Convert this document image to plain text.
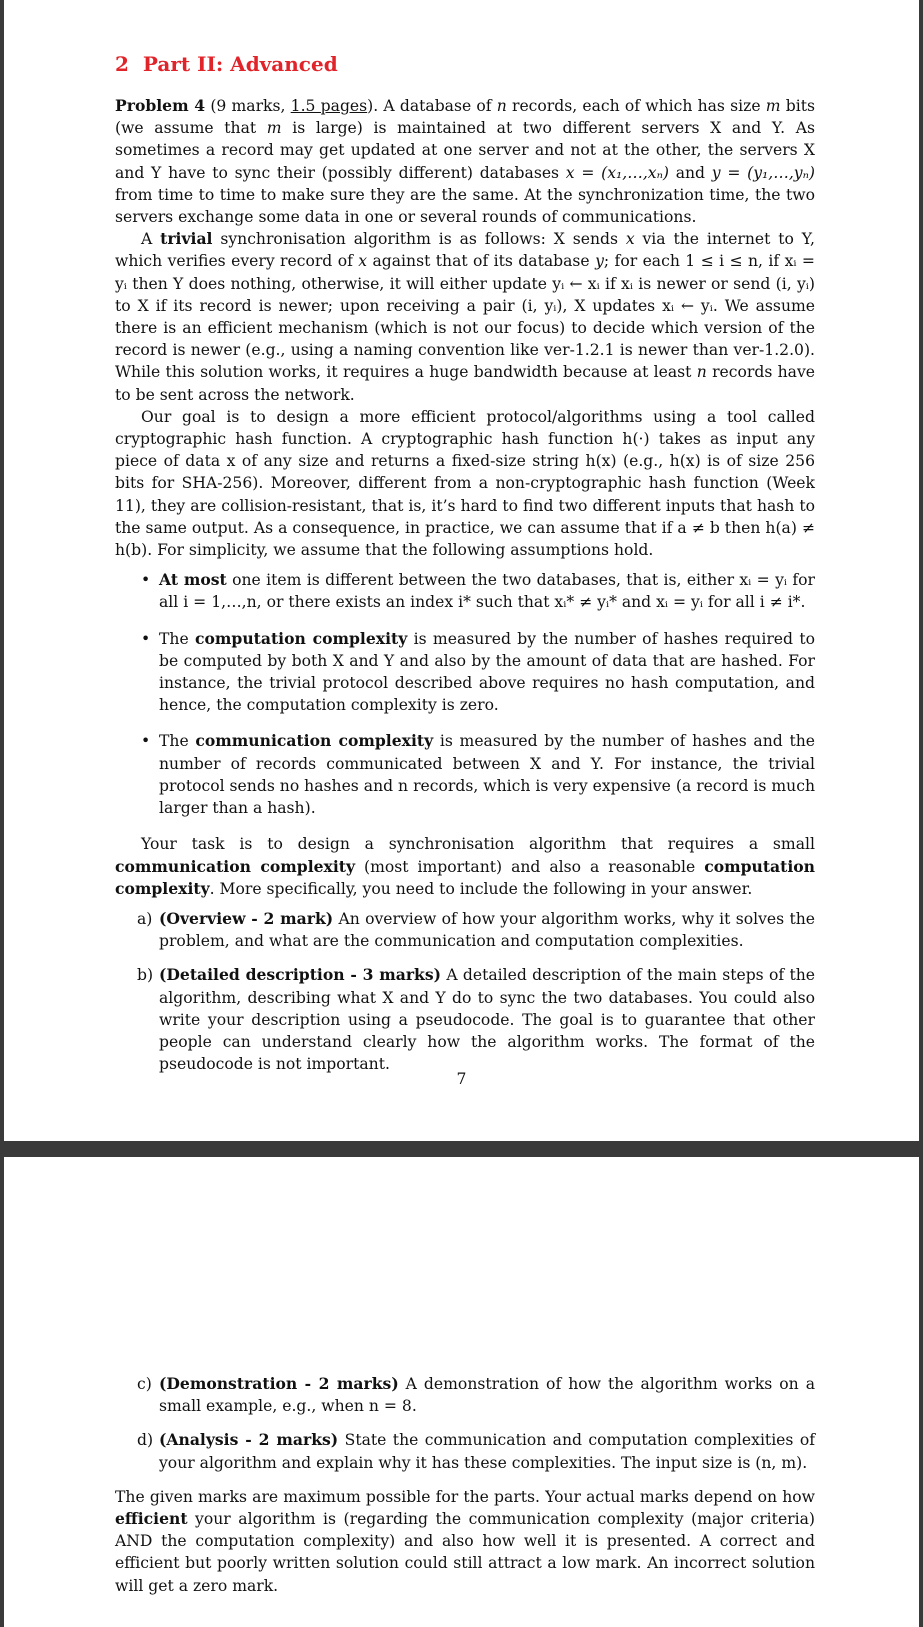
2 Part II: Advanced

Problem 4 (9 marks, 1.5 pages). A database of n records, each of which has size m bits (we assume that m is large) is maintained at two different servers X and Y. As sometimes a record may get updated at one server and not at the other, the servers X and Y have to sync their (possibly different) databases x = (x₁,…,xₙ) and y = (y₁,…,yₙ) from time to time to make sure they are the same. At the synchronization time, the two servers exchange some data in one or several rounds of communications.

A trivial synchronisation algorithm is as follows: X sends x via the internet to Y, which verifies every record of x against that of its database y; for each 1 ≤ i ≤ n, if xᵢ = yᵢ then Y does nothing, otherwise, it will either update yᵢ ← xᵢ if xᵢ is newer or send (i, yᵢ) to X if its record is newer; upon receiving a pair (i, yᵢ), X updates xᵢ ← yᵢ. We assume there is an efficient mechanism (which is not our focus) to decide which version of the record is newer (e.g., using a naming convention like ver-1.2.1 is newer than ver-1.2.0). While this solution works, it requires a huge bandwidth because at least n records have to be sent across the network.

Our goal is to design a more efficient protocol/algorithms using a tool called cryptographic hash function. A cryptographic hash function h(·) takes as input any piece of data x of any size and returns a fixed-size string h(x) (e.g., h(x) is of size 256 bits for SHA-256). Moreover, different from a non-cryptographic hash function (Week 11), they are collision-resistant, that is, it’s hard to find two different inputs that hash to the same output. As a consequence, in practice, we can assume that if a ≠ b then h(a) ≠ h(b). For simplicity, we assume that the following assumptions hold.

• At most one item is different between the two databases, that is, either xᵢ = yᵢ for all i = 1,…,n, or there exists an index i* such that xᵢ* ≠ yᵢ* and xᵢ = yᵢ for all i ≠ i*.
• The computation complexity is measured by the number of hashes required to be computed by both X and Y and also by the amount of data that are hashed. For instance, the trivial protocol described above requires no hash computation, and hence, the computation complexity is zero.
• The communication complexity is measured by the number of hashes and the number of records communicated between X and Y. For instance, the trivial protocol sends no hashes and n records, which is very expensive (a record is much larger than a hash).

Your task is to design a synchronisation algorithm that requires a small communication complexity (most important) and also a reasonable computation complexity. More specifically, you need to include the following in your answer.

a) (Overview - 2 mark) An overview of how your algorithm works, why it solves the problem, and what are the communication and computation complexities.
b) (Detailed description - 3 marks) A detailed description of the main steps of the algorithm, describing what X and Y do to sync the two databases. You could also write your description using a pseudocode. The goal is to guarantee that other people can understand clearly how the algorithm works. The format of the pseudocode is not important.
7
c) (Demonstration - 2 marks) A demonstration of how the algorithm works on a small example, e.g., when n = 8.
d) (Analysis - 2 marks) State the communication and computation complexities of your algorithm and explain why it has these complexities. The input size is (n, m).

The given marks are maximum possible for the parts. Your actual marks depend on how efficient your algorithm is (regarding the communication complexity (major criteria) AND the computation complexity) and also how well it is presented. A correct and efficient but poorly written solution could still attract a low mark. An incorrect solution will get a zero mark.
